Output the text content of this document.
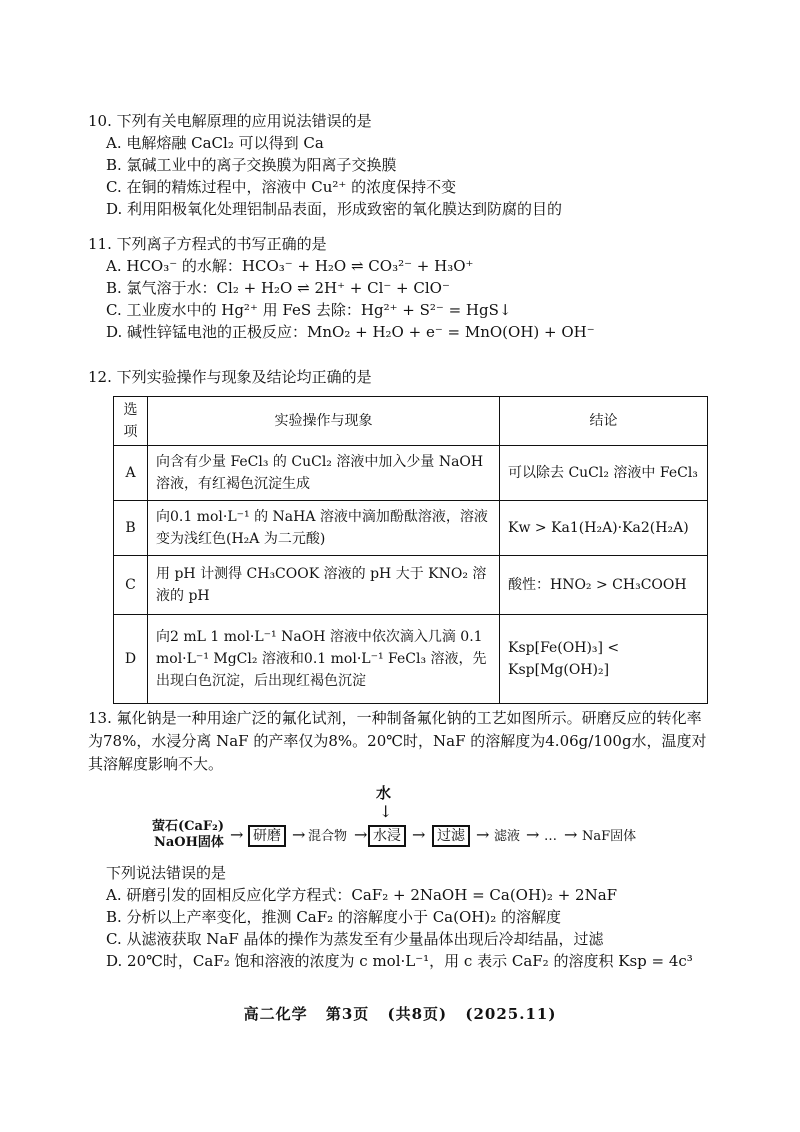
10. 下列有关电解原理的应用说法错误的是
A. 电解熔融 CaCl₂ 可以得到 Ca
B. 氯碱工业中的离子交换膜为阳离子交换膜
C. 在铜的精炼过程中，溶液中 Cu²⁺ 的浓度保持不变
D. 利用阳极氧化处理铝制品表面，形成致密的氧化膜达到防腐的目的
11. 下列离子方程式的书写正确的是
A. HCO₃⁻ 的水解：HCO₃⁻ + H₂O ⇌ CO₃²⁻ + H₃O⁺
B. 氯气溶于水：Cl₂ + H₂O ⇌ 2H⁺ + Cl⁻ + ClO⁻
C. 工业废水中的 Hg²⁺ 用 FeS 去除：Hg²⁺ + S²⁻ = HgS↓
D. 碱性锌锰电池的正极反应：MnO₂ + H₂O + e⁻ = MnO(OH) + OH⁻
12. 下列实验操作与现象及结论均正确的是
选项	实验操作与现象	结论
A	向含有少量 FeCl₃ 的 CuCl₂ 溶液中加入少量 NaOH 溶液，有红褐色沉淀生成	可以除去 CuCl₂ 溶液中 FeCl₃
B	向0.1 mol·L⁻¹ 的 NaHA 溶液中滴加酚酞溶液，溶液变为浅红色(H₂A 为二元酸)	Kw > Ka1(H₂A)·Ka2(H₂A)
C	用 pH 计测得 CH₃COOK 溶液的 pH 大于 KNO₂ 溶液的 pH	酸性：HNO₂ > CH₃COOH
D	向2 mL 1 mol·L⁻¹ NaOH 溶液中依次滴入几滴 0.1 mol·L⁻¹ MgCl₂ 溶液和0.1 mol·L⁻¹ FeCl₃ 溶液，先出现白色沉淀，后出现红褐色沉淀	Ksp[Fe(OH)₃] < Ksp[Mg(OH)₂]
13. 氟化钠是一种用途广泛的氟化试剂，一种制备氟化钠的工艺如图所示。研磨反应的转化率为78%，水浸分离 NaF 的产率仅为8%。20℃时，NaF 的溶解度为4.06g/100g水，温度对其溶解度影响不大。
萤石(CaF₂)
NaOH固体 → 研磨 → 混合物 →
水
↓
水浸 → 过滤 → 滤液 → … → NaF固体
下列说法错误的是
A. 研磨引发的固相反应化学方程式：CaF₂ + 2NaOH = Ca(OH)₂ + 2NaF
B. 分析以上产率变化，推测 CaF₂ 的溶解度小于 Ca(OH)₂ 的溶解度
C. 从滤液获取 NaF 晶体的操作为蒸发至有少量晶体出现后冷却结晶，过滤
D. 20℃时，CaF₂ 饱和溶液的浓度为 c mol·L⁻¹，用 c 表示 CaF₂ 的溶度积 Ksp = 4c³
高二化学 第3页 (共8页) (2025.11)
